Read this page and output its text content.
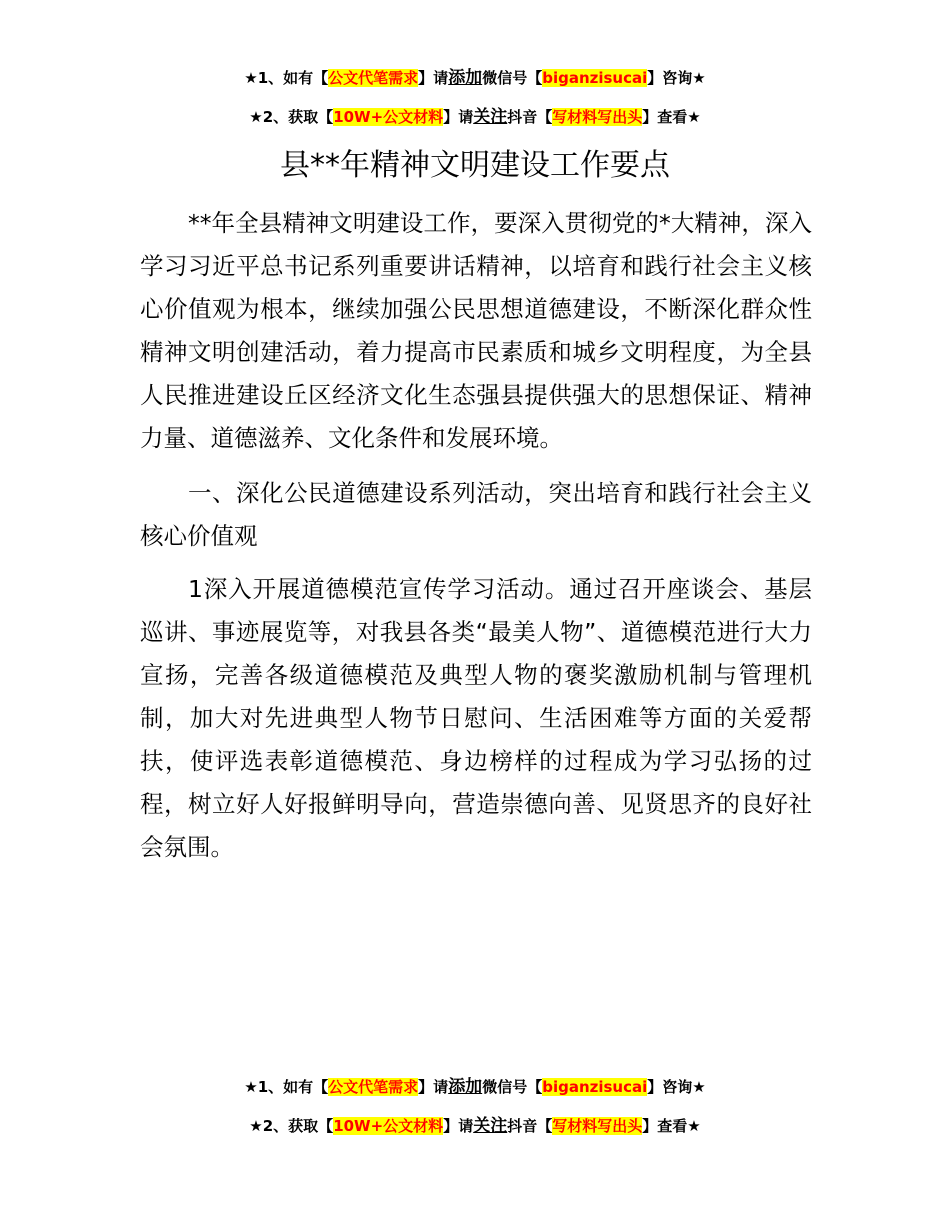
★1、如有【公文代笔需求】请添加微信号【biganzisucai】咨询★
★2、获取【10W+公文材料】请关注抖音【写材料写出头】查看★
县**年精神文明建设工作要点

**年全县精神文明建设工作，要深入贯彻党的*大精神，深入学习习近平总书记系列重要讲话精神，以培育和践行社会主义核心价值观为根本，继续加强公民思想道德建设，不断深化群众性精神文明创建活动，着力提高市民素质和城乡文明程度，为全县人民推进建设丘区经济文化生态强县提供强大的思想保证、精神力量、道德滋养、文化条件和发展环境。

一、深化公民道德建设系列活动，突出培育和践行社会主义核心价值观

1深入开展道德模范宣传学习活动。通过召开座谈会、基层巡讲、事迹展览等，对我县各类“最美人物”、道德模范进行大力宣扬，完善各级道德模范及典型人物的褒奖激励机制与管理机制，加大对先进典型人物节日慰问、生活困难等方面的关爱帮扶，使评选表彰道德模范、身边榜样的过程成为学习弘扬的过程，树立好人好报鲜明导向，营造崇德向善、见贤思齐的良好社会氛围。

★1、如有【公文代笔需求】请添加微信号【biganzisucai】咨询★
★2、获取【10W+公文材料】请关注抖音【写材料写出头】查看★
